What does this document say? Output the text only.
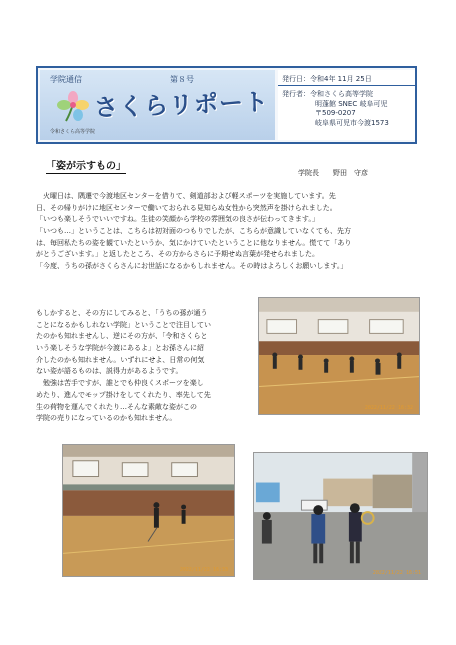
学院通信	第８号
さくらリポート
令和さくら高等学院
発行日：令和4年 11月 25日
発行者：令和さくら高等学院
明蓬館 SNEC 岐阜可児
〒509-0207
岐阜県可児市今渡1573
「姿が示すもの」
学院長　　野田　守彦
　火曜日は、隅遷で今渡地区センターを借りて、剣道部および軽スポーツを実施しています。先
日、その帰りがけに地区センターで働いておられる見知らぬ女性から突然声を掛けられました。
「いつも楽しそうでいいですね。生徒の笑顔から学校の雰囲気の良さが伝わってきます。」
「いつも…」ということは、こちらは初対面のつもりでしたが、こちらが意識していなくても、先方
は、毎回私たちの姿を観ていたというか、気にかけていたということに他なりません。慌てて「あり
がとうございます。」と返したところ、その方からさらに予期せぬ言葉が発せられました。
「今度、うちの孫がさくらさんにお世話になるかもしれません。その時はよろしくお願いします。」
もしかすると、その方にしてみると、「うちの孫が通う
ことになるかもしれない学院」ということで注目してい
たのかも知れませんし、逆にその方が、「令和さくらと
いう楽しそうな学院が今渡にあるよ」とお孫さんに紹
介したのかも知れません。いずれにせよ、日常の何気
ない姿が語るものは、説得力があるようです。
　勉強は苦手ですが、誰とでも仲良くスポーツを楽し
めたり、進んでモップ掛けをしてくれたり、率先して先
生の荷物を運んでくれたり…そんな素敵な姿がこの
学院の売りになっているのかも知れません。
2022/11/22 16:32
2022/11/22 16:33	2022/11/22 16:51
